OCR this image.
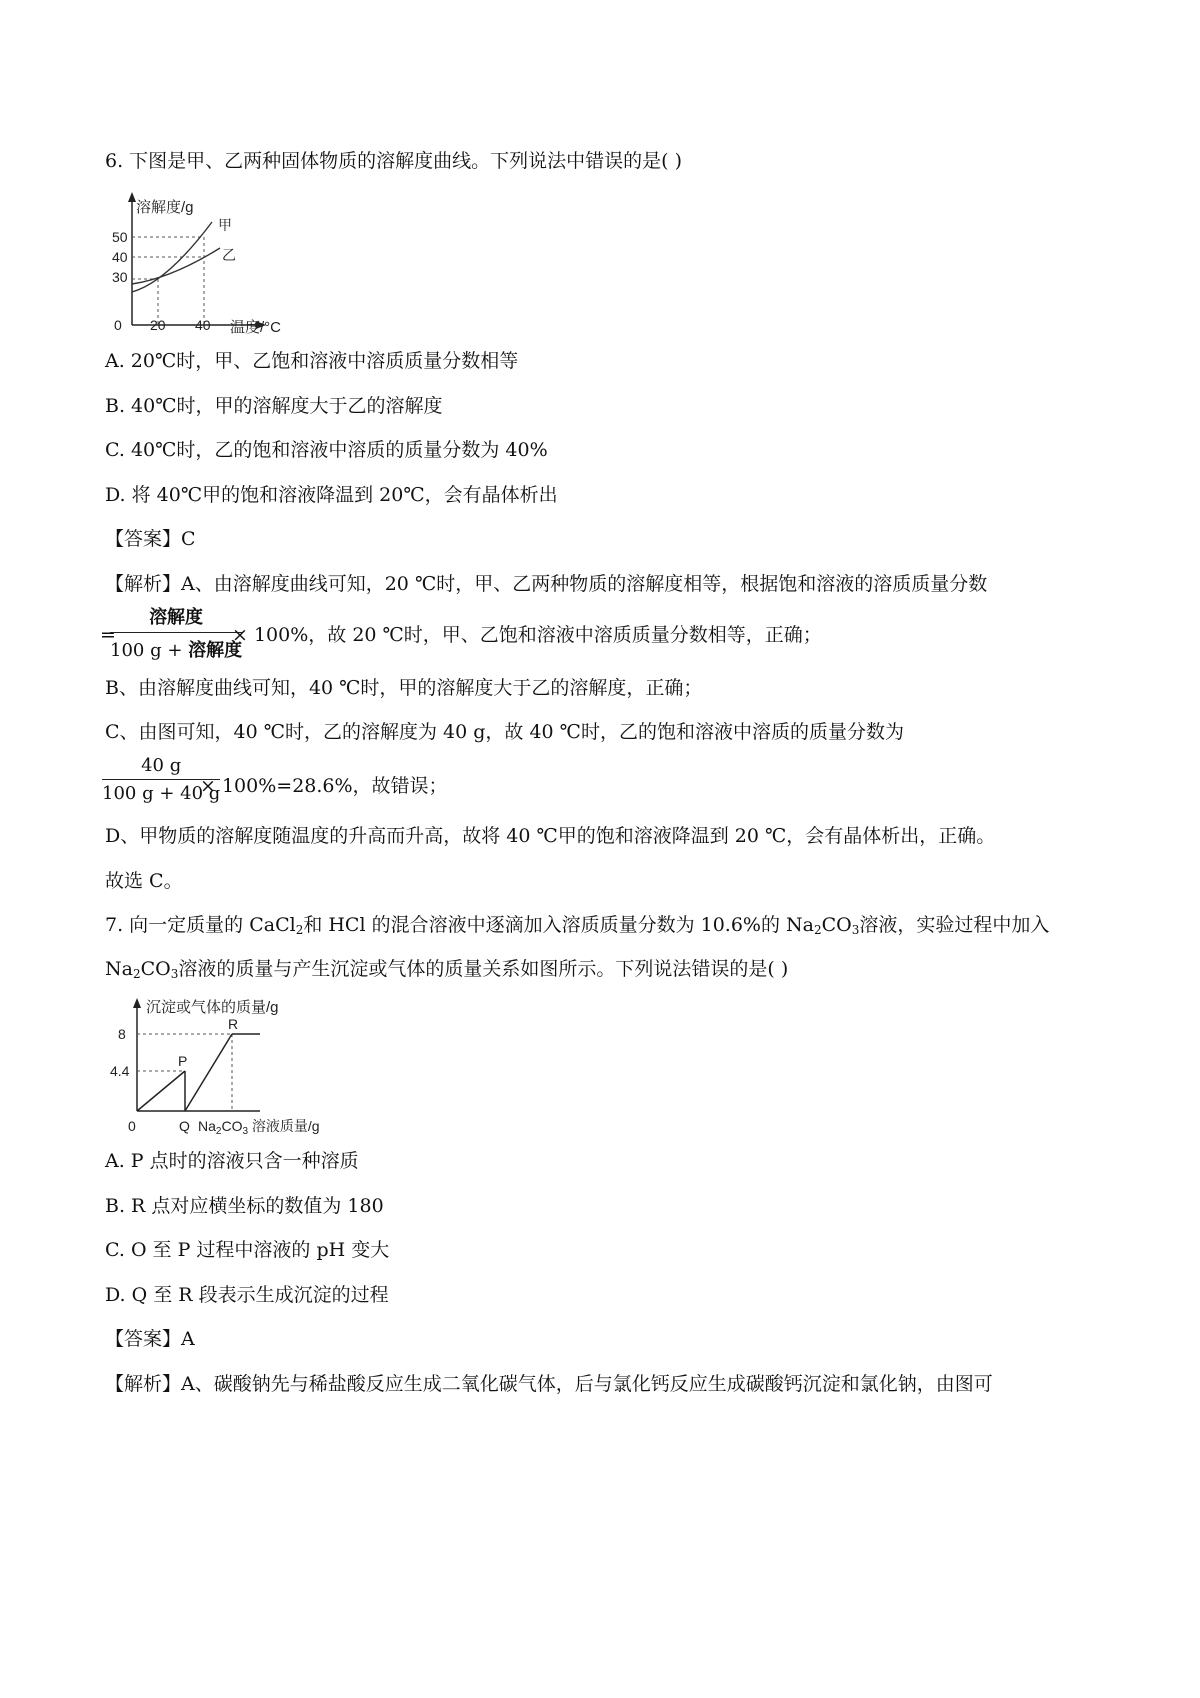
6. 下图是甲、乙两种固体物质的溶解度曲线。下列说法中错误的是( )
溶解度/g
50
40
30
0 20 40 温度/°C
甲
乙
A. 20℃时，甲、乙饱和溶液中溶质质量分数相等
B. 40℃时，甲的溶解度大于乙的溶解度
C. 40℃时，乙的饱和溶液中溶质的质量分数为 40%
D. 将 40℃甲的饱和溶液降温到 20℃，会有晶体析出
【答案】C
【解析】A、由溶解度曲线可知，20 ℃时，甲、乙两种物质的溶解度相等，根据饱和溶液的溶质质量分数
=
溶解度
100 g + 溶解度
× 100%，故 20 ℃时，甲、乙饱和溶液中溶质质量分数相等，正确；
B、由溶解度曲线可知，40 ℃时，甲的溶解度大于乙的溶解度，正确；
C、由图可知，40 ℃时，乙的溶解度为 40 g，故 40 ℃时，乙的饱和溶液中溶质的质量分数为
$\frac{40 g}{100 g + 40 g}$
× 100%=28.6%，故错误；
D、甲物质的溶解度随温度的升高而升高，故将 40 ℃甲的饱和溶液降温到 20 ℃，会有晶体析出，正确。
故选 C。
7. 向一定质量的 CaCl$_2$和 HCl 的混合溶液中逐滴加入溶质质量分数为 10.6%的 $Na_2CO_3$溶液，实验过程中加入
$Na_2CO_3$溶液的质量与产生沉淀或气体的质量关系如图所示。下列说法错误的是( )
沉淀或气体的质量/g
8
4.4
0
P
Q
R
$Na_2CO_3$ 溶液质量/g
A. P 点时的溶液只含一种溶质
B. R 点对应横坐标的数值为 180
C. O 至 P 过程中溶液的 pH 变大
D. Q 至 R 段表示生成沉淀的过程
【答案】A
【解析】A、碳酸钠先与稀盐酸反应生成二氧化碳气体，后与氯化钙反应生成碳酸钙沉淀和氯化钠，由图可
